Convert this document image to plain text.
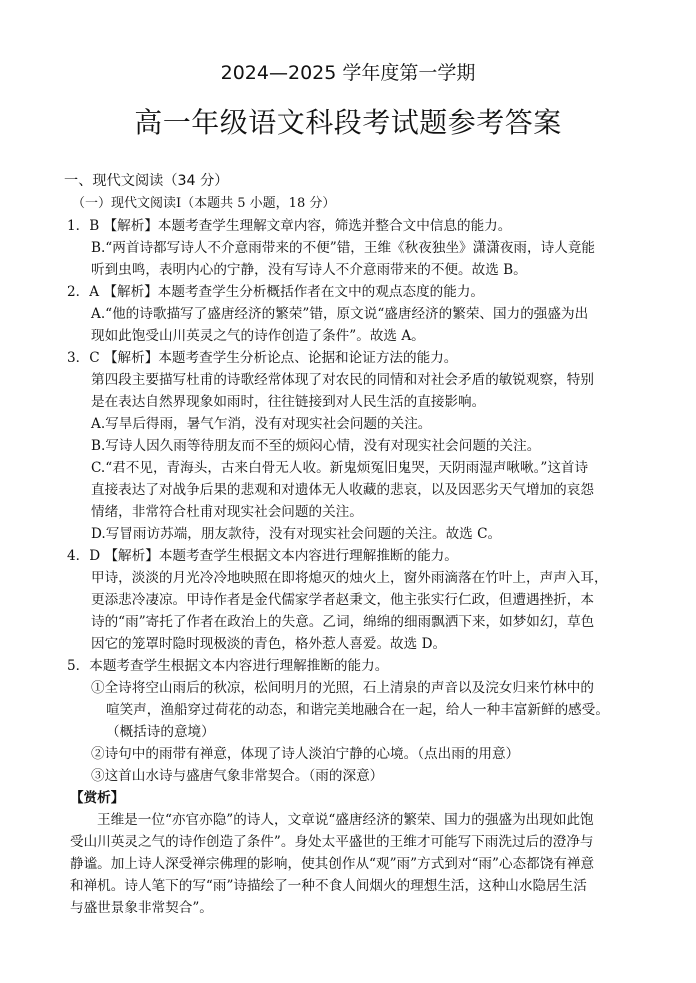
2024—2025 学年度第一学期
高一年级语文科段考试题参考答案
一、现代文阅读（34 分）
（一）现代文阅读Ⅰ（本题共 5 小题，18 分）
1．B 【解析】本题考查学生理解文章内容，筛选并整合文中信息的能力。
B.“两首诗都写诗人不介意雨带来的不便”错，王维《秋夜独坐》潇潇夜雨，诗人竟能
听到虫鸣，表明内心的宁静，没有写诗人不介意雨带来的不便。故选 B。
2．A 【解析】本题考查学生分析概括作者在文中的观点态度的能力。
A.“他的诗歌描写了盛唐经济的繁荣”错，原文说“盛唐经济的繁荣、国力的强盛为出
现如此饱受山川英灵之气的诗作创造了条件”。故选 A。
3．C 【解析】本题考查学生分析论点、论据和论证方法的能力。
第四段主要描写杜甫的诗歌经常体现了对农民的同情和对社会矛盾的敏锐观察，特别
是在表达自然界现象如雨时，往往链接到对人民生活的直接影响。
A.写旱后得雨，暑气乍消，没有对现实社会问题的关注。
B.写诗人因久雨等待朋友而不至的烦闷心情，没有对现实社会问题的关注。
C.“君不见，青海头，古来白骨无人收。新鬼烦冤旧鬼哭，天阴雨湿声啾啾。”这首诗
直接表达了对战争后果的悲观和对遗体无人收藏的悲哀，以及因恶劣天气增加的哀怨
情绪，非常符合杜甫对现实社会问题的关注。
D.写冒雨访苏端，朋友款待，没有对现实社会问题的关注。故选 C。
4．D 【解析】本题考查学生根据文本内容进行理解推断的能力。
甲诗，淡淡的月光冷冷地映照在即将熄灭的烛火上，窗外雨滴落在竹叶上，声声入耳，
更添悲冷凄凉。甲诗作者是金代儒家学者赵秉文，他主张实行仁政，但遭遇挫折，本
诗的“雨”寄托了作者在政治上的失意。乙词，绵绵的细雨飘洒下来，如梦如幻，草色
因它的笼罩时隐时现极淡的青色，格外惹人喜爱。故选 D。
5．本题考查学生根据文本内容进行理解推断的能力。
①全诗将空山雨后的秋凉，松间明月的光照，石上清泉的声音以及浣女归来竹林中的
喧笑声，渔船穿过荷花的动态，和谐完美地融合在一起，给人一种丰富新鲜的感受。
（概括诗的意境）
②诗句中的雨带有禅意，体现了诗人淡泊宁静的心境。（点出雨的用意）
③这首山水诗与盛唐气象非常契合。（雨的深意）
【赏析】
王维是一位“亦官亦隐”的诗人，文章说“盛唐经济的繁荣、国力的强盛为出现如此饱
受山川英灵之气的诗作创造了条件”。身处太平盛世的王维才可能写下雨洗过后的澄净与
静谧。加上诗人深受禅宗佛理的影响，使其创作从“观”雨”方式到对“雨”心态都饶有禅意
和禅机。诗人笔下的写“雨”诗描绘了一种不食人间烟火的理想生活，这种山水隐居生活
与盛世景象非常契合”。
